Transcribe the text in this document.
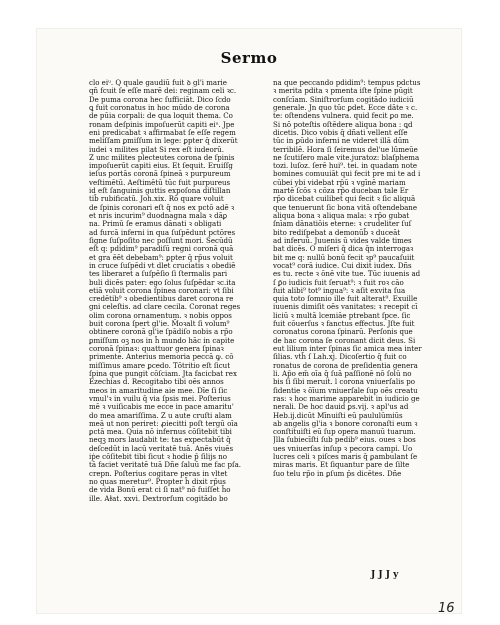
Sermo
clo eiᵘ. Q quale gaudiū fuit ꝺ gl'i marie
qn̄ fcuit ſe eſſe marē dei: reginam celi ꝛc.
De puma corona hec ſufficiāt. Dico ſcdo
ꝗ fuit coronatus in hoc mūdo de corona
de pūia corpali: de qua loquit thema. Co
ronam deſpinis impoſuerūt capiti eiᵘ. Jpe
eni predicabat ꝛ affirmabat ſe eſſe regem
meliſſam ꝑmiſſum in lege: ꝑpter q̄ dixerūt
iudei ꝛ milites pilat Si rex eſt iudeorū.
Z unc milites plecteutes corona de ſpinis
impoſuerūt capiti eius. Et ſequit. Eruiſſg
ieſus portās coronā ſpineā ꝛ purpureum
veſtimētū. Aeſtimētū tūc fuit purpureus
id eſt ſanguinis guttis expoſona diſtillan
tib̄ rubificatū. Joh.xix. Rō quare voluit
de ſpinis coronari eſt q̄ nos ex pctō adē ꝛ
et nris incurim⁹ duodnagna mala ꝛ dāꝑ
na. Primū ſe eramus dānati ꝛ obligati
ad furcā inferni in qua ſuſpēdunt pctōres
ſigne ſuſpoſito nec poſſunt mori. Secūdū
eſt q: pdidim⁹ paradiſū regni coronā quā
et gra ēēt debebam⁹: ꝑpter q̄ rp̄us voluit
in cruce ſuſpēdi vt dlet cruciatis ꝛ obediē
tes liberaret a ſuſpēſio ſi ſtermalis pari
buli dicēs pater: ego ſolus ſuſpēdar ꝛc.ita
etiā voluit corona ſpinea coronari: vt ſibi
credētib⁹ ꝛ obedientibus daret corona re
gni celeſtis. ad clare cecila. Coronat reges
olim corona ornamentum. ꝛ nobis oppos
buit corona ſpert gl'ie. M̄oꝛalt ſi volum⁹
obtinere coronā gl'ie ſpādiſo nobis a rp̄o
ꝑmiſſum oꝫ nos in h̄ mundo hāc in capite
coronā ſpinaꝛ: quattuor genera ſpinaꝛ
primente. Anterius memoria peccā ꝙ. cō
miſſimus amare ꝑcedo. Tōtritio eſt ſicut
ſpina que pungit cōſciam. Jta facicbat rex
Ezechias d. Recogitabo tibi oēs annos
meos in amaritudine aie mee. Dīe ſi ſic
vmul'ꝛ in vuilu q̄ via ſpsis mei. Poſterius
mē ꝛ vuiſicabis me ecce in pace amaritu'
do mea amariſſima. Z u aute cruſti alam
meā ut non periret: ꝓiecitti poſt tergū oīa
ꝑctā mea. Quia nō infernus cōſitebit tibi
neqꝫ mors laudabit te: tas expectabūt q̄
deſcedūt in lacū veritatē tuā. Anēs viuēs
iṗe cōſitebit tibi ſicut ꝛ hodie p̄ ſilijs no
tā faciet veritatē tuā Dñe ſaluū me fac pſa.
crepn. Poſterius cogitare peras in vltet
no quas meretur⁹. Propter h̄ dixit rp̄us
de vida Bonū erat ci ſi nat⁹ nō fuiſſet h̄o
ille. Aɫat. xxvi. Dextrorſum cogitādo bo
na que peccando pdidim⁹: tempus pdctus
ꝛ merita pdita ꝛ pmenta iſte ſpine pūgit
conſcīam. Siniſtrorſum cogitādo iudiciū
generale. Jn quo tūc ꝑdet. Ecce dāte ꝛ c.
te: oſtendens vulnera. quid fecit ꝑo me.
Si nō poteſtis oſtēdere aliqua bona : ꝗd
dicetis. Dico vobis q̄ dñati vellent eſſe
tūc in ꝑūdo inferni ne videret illā dūm
terribilē. Hora ſi ſeiremus del'ue lūmeūe
ne ſcutiſero male vite.juratoz: blaſphema
tozi. luſoz. ſerē hui⁹. tei. in quadam note
bomines comuuiāt qui fecit pre mi te ad i
cūbei ybi videbat rp̄ū ꝛ vgīnē mariam
martē ſcōs ꝛ cōza rp̄o duceban tale Er
rp̄o dicebat cuilibet qui fecit ꝛ ſic aliquā
que tenuerunt ſic bona vitā oſtendebane
aliqua bona ꝛ aliqua mala: ꝛ rp̄o gubat
ſnīam dānatiōis eterne: ꝛ crudeliter ſuſ
bito rediſpebat a demonūb̄ ꝛ duceāt
ad inferuū. Juuenis ū vides valde times
bat dicēs. O miſeri q̄ dica q̄n interrogaꝛ
bit me q: nullū bonū fecit ꝛp⁹ paucaſuiit
vocat⁹ corā iudice. Cui dixit iudex. Dñs
es tu. recte ꝛ ōnē vite tue. Tūc iuuenis ad
ſ ꝑ̄o iudicis fuit ſeruat⁹: ꝛ fuit roꝛ cāo
fuit alibi⁹ tot⁹ ingua⁹: ꝛ aſit exvita ſua
quia toto ſomnio ille fuit alterat⁹. Exuille
iuuenis dimiſit oēs vanitates: ꝛ recepit cī
liciū ꝛ multā lcemiāe ptrebant ſpce. ſic
fuit cōuerſus ꝛ fanctus effectus. Jſte fuit
coronatus corona ſpinarū. Perſonis que
de hac corona ſe coronant dicit deus. Si
eut lilium inter ſpinas ſic amica mea inter
ſilias. vth̄ ſ Lah.xj. Dicoſertio q̄ fuit co
ronatus de corona de preſidentia genera
li. Ap̄o em̄ oīa q̄ ſuā paſſionē nō ſolū no
bis ſi ſibi meruit. l corona vniuerſalis po
ſidentie ꝛ ōīum vniuerſale ſup oēs creatu
ras: ꝛ hoc marime apparebit in iudicio ge
nerali. De hoc dauid ꝑs.vij. ꝛ apl'us ad
Heb.ij.dicūt Mīnuiſti eū paululūmiūs
ab angelis gl'ia ꝛ bonore coronaſti eum ꝛ
conſtituiſti eū ſup opera manuū tuarum.
Jlla ſubiecīſti ſub pedib⁹ eius. oues ꝛ bos
ues vniuerſas inſup ꝛ pecora campi. Uo
lucres celi ꝛ piſces maris q̄ ꝑambulant ſe
miras maris. Et ſiquantur pare de ſilte
ſuo telu rp̄o in ꝑſum p̄s dicētes. Dñe
J J J y
16
